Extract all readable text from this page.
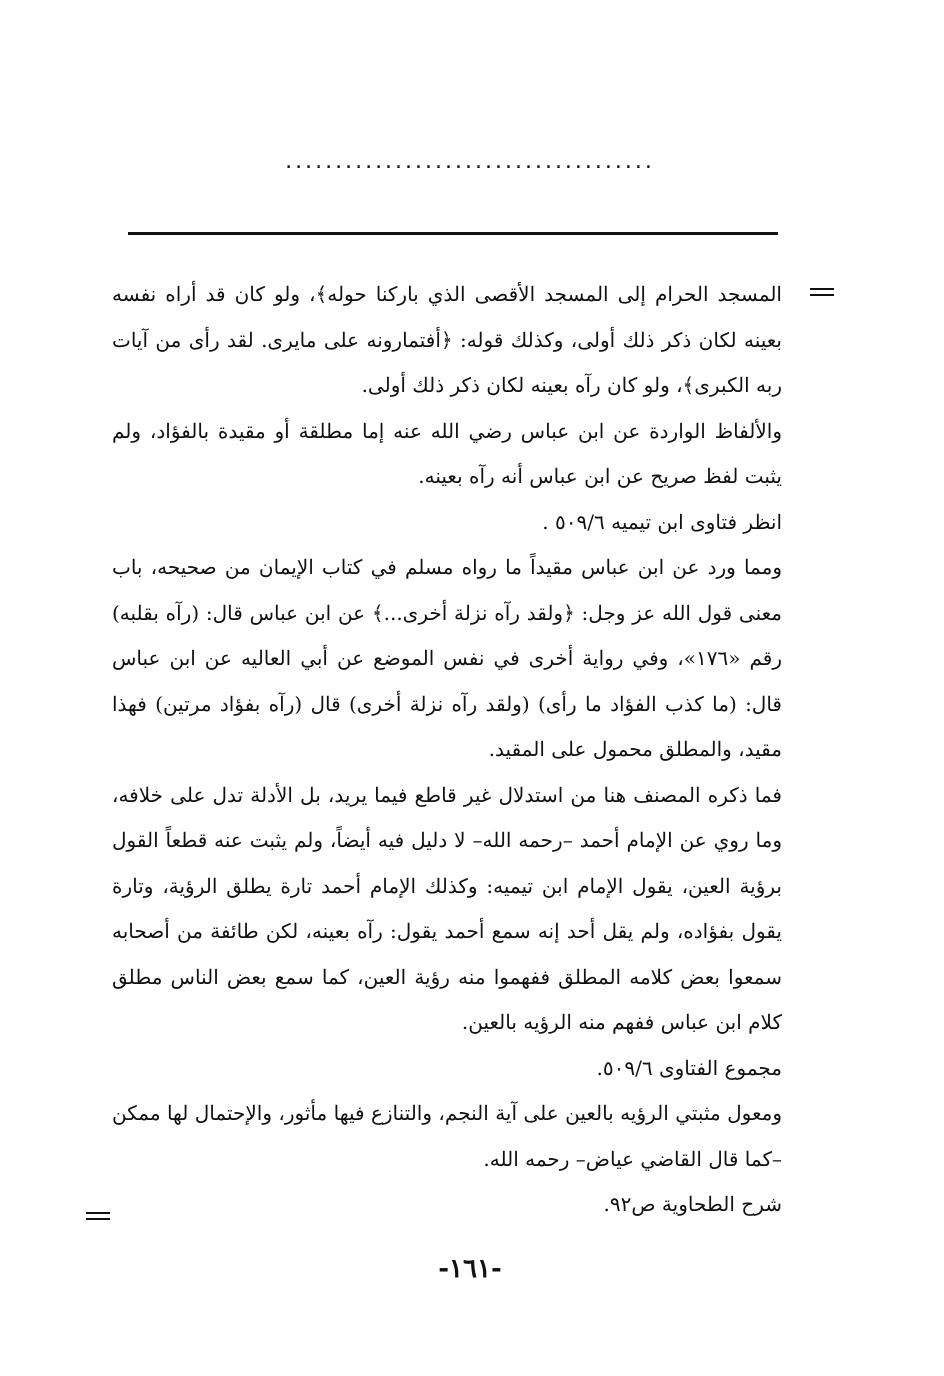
.....................................

المسجد الحرام إلى المسجد الأقصى الذي باركنا حوله﴾، ولو كان قد أراه نفسه بعينه لكان ذكر ذلك أولى، وكذلك قوله: ﴿أفتمارونه على مايرى. لقد رأى من آيات ربه الكبرى﴾، ولو كان رآه بعينه لكان ذكر ذلك أولى.

والألفاظ الواردة عن ابن عباس رضي الله عنه إما مطلقة أو مقيدة بالفؤاد، ولم يثبت لفظ صريح عن ابن عباس أنه رآه بعينه.

انظر فتاوى ابن تيميه ٥٠٩/٦ .

ومما ورد عن ابن عباس مقيداً ما رواه مسلم في كتاب الإيمان من صحيحه، باب معنى قول الله عز وجل: ﴿ولقد رآه نزلة أخرى...﴾ عن ابن عباس قال: (رآه بقلبه) رقم «١٧٦»، وفي رواية أخرى في نفس الموضع عن أبي العاليه عن ابن عباس قال: (ما كذب الفؤاد ما رأى) (ولقد رآه نزلة أخرى) قال (رآه بفؤاد مرتين) فهذا مقيد، والمطلق محمول على المقيد.

فما ذكره المصنف هنا من استدلال غير قاطع فيما يريد، بل الأدلة تدل على خلافه، وما روي عن الإمام أحمد –رحمه الله– لا دليل فيه أيضاً، ولم يثبت عنه قطعاً القول برؤية العين، يقول الإمام ابن تيميه: وكذلك الإمام أحمد تارة يطلق الرؤية، وتارة يقول بفؤاده، ولم يقل أحد إنه سمع أحمد يقول: رآه بعينه، لكن طائفة من أصحابه سمعوا بعض كلامه المطلق ففهموا منه رؤية العين، كما سمع بعض الناس مطلق كلام ابن عباس ففهم منه الرؤيه بالعين.

مجموع الفتاوى ٥٠٩/٦.

ومعول مثبتي الرؤيه بالعين على آية النجم، والتنازع فيها مأثور، والإحتمال لها ممكن –كما قال القاضي عياض– رحمه الله.

شرح الطحاوية ص٩٢.

-١٦١-
